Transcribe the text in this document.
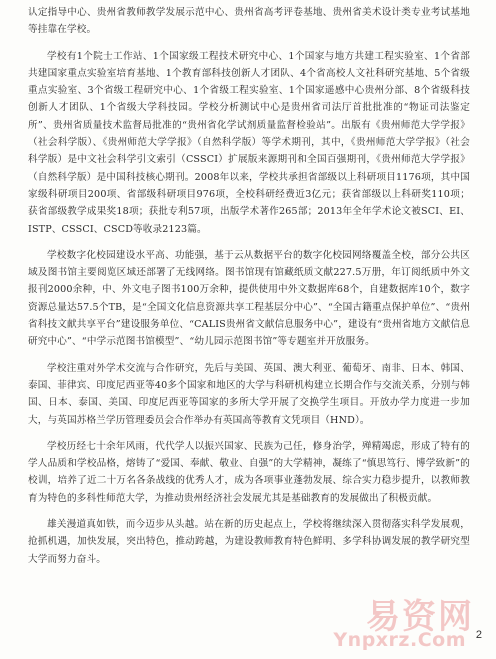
认定指导中心、贵州省教师教学发展示范中心、贵州省高考评卷基地、贵州省美术设计类专业考试基地等挂靠在学校。

学校有1个院士工作站、1个国家级工程技术研究中心、1个国家与地方共建工程实验室、1个省部共建国家重点实验室培育基地、1个教育部科技创新人才团队、4个省高校人文社科研究基地、5个省级重点实验室、3个省级工程研究中心、1个省级工程实验室、1个国家遥感中心贵州分部、8个省级科技创新人才团队、1个省级大学科技园。学校分析测试中心是贵州省司法厅首批批准的“物证司法鉴定所”、贵州省质量技术监督局批准的“贵州省化学试剂质量监督检验站”。出版有《贵州师范大学学报》（社会科学版）、《贵州师范大学学报》（自然科学版）等学术期刊，其中，《贵州师范大学学报》（社会科学版）是中文社会科学引文索引（CSSCI）扩展版来源期刊和全国百强期刊，《贵州师范大学学报》（自然科学版）是中国科技核心期刊。2008年以来，学校共承担省部级以上科研项目1176项，其中国家级科研项目200项、省部级科研项目976项，全校科研经费近3亿元；获省部级以上科研奖110项；获省部级教学成果奖18项；获批专利57项，出版学术著作265部；2013年全年学术论文被SCI、EI、ISTP、CSSCI、CSCD等收录2123篇。

学校数字化校园建设水平高、功能强，基于云从数据平台的数字化校园网络覆盖全校，部分公共区域及图书馆主要阅览区域还部署了无线网络。图书馆现有馆藏纸质文献227.5万册，年订阅纸质中外文报刊2000余种，中、外文电子图书100万余种，提供使用中外文数据库68个，自建数据库10个，数字资源总量达57.5个TB，是“全国文化信息资源共享工程基层分中心”、“全国古籍重点保护单位”、“贵州省科技文献共享平台”建设服务单位、“CALIS贵州省文献信息服务中心”，建设有“贵州省地方文献信息研究中心”、“中学示范图书馆模型”、“幼儿园示范图书馆”等专题室并开放服务。

学校注重对外学术交流与合作研究，先后与美国、英国、澳大利亚、葡萄牙、南非、日本、韩国、泰国、菲律宾、印度尼西亚等40多个国家和地区的大学与科研机构建立长期合作与交流关系，分别与韩国、日本、泰国、美国、印度尼西亚等国家的多所大学开展了交换学生项目。开放办学力度进一步加大，与英国苏格兰学历管理委员会合作举办有英国高等教育文凭项目（HND）。

学校历经七十余年风雨，代代学人以振兴国家、民族为己任，修身治学，殚精竭虑，形成了特有的学人品质和学校品格，熔铸了“爱国、奉献、敬业、自强”的大学精神，凝练了“慎思笃行、博学致新”的校训，培养了近二十万名各条战线的优秀人才，成为各项事业蓬勃发展、综合实力稳步提升，以教师教育为特色的多科性师范大学，为推动贵州经济社会发展尤其是基础教育的发展做出了积极贡献。

雄关漫道真如铁，而今迈步从头越。站在新的历史起点上，学校将继续深入贯彻落实科学发展观，抢抓机遇，加快发展，突出特色，推动跨越，为建设教师教育特色鲜明、多学科协调发展的教学研究型大学而努力奋斗。

易资网
Ynpxrz.Com 2
